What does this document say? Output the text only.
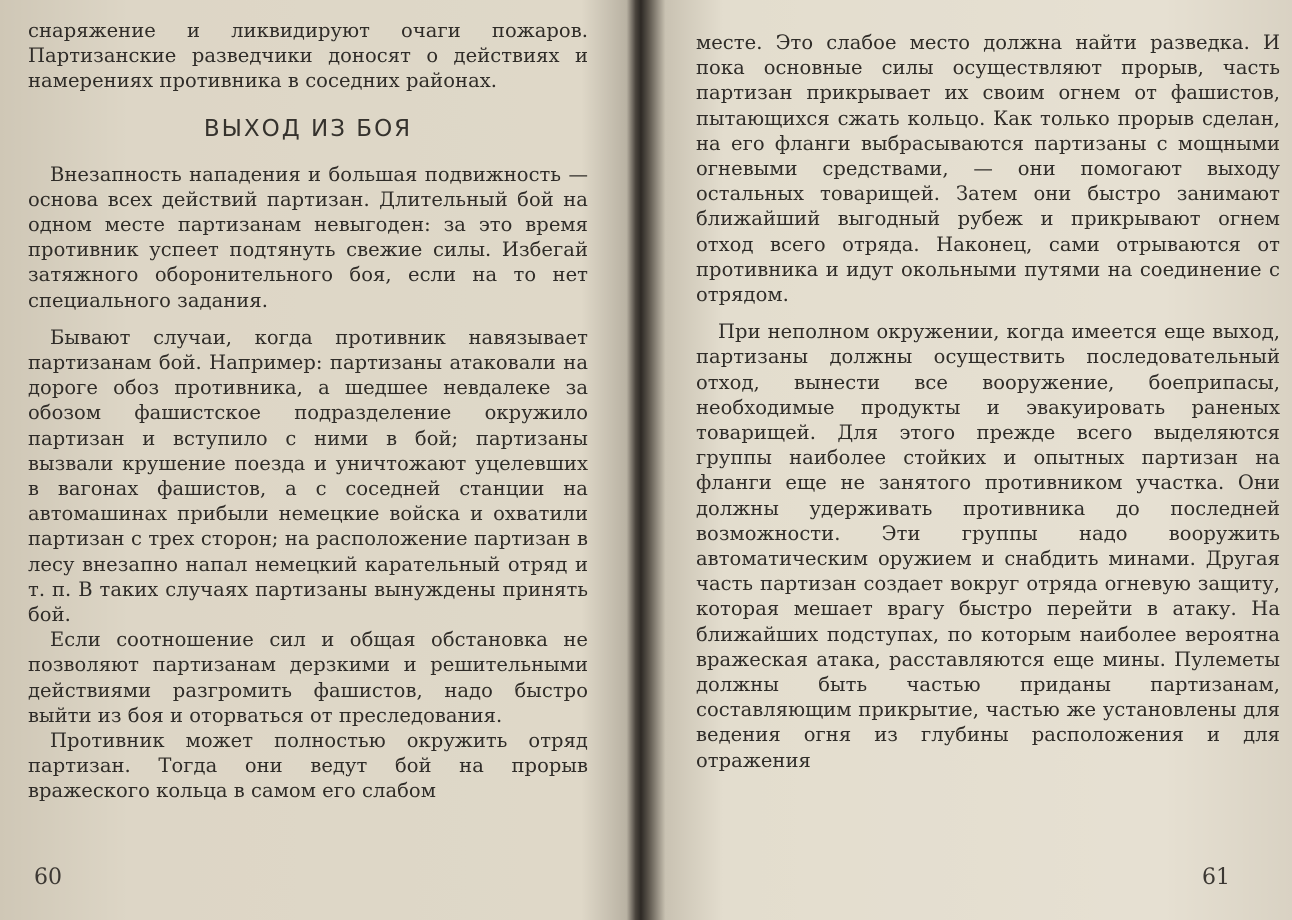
снаряжение и ликвидируют очаги пожаров. Партизанские разведчики доносят о действиях и намерениях противника в соседних районах.

ВЫХОД ИЗ БОЯ

Внезапность нападения и большая подвижность — основа всех действий партизан. Длительный бой на одном месте партизанам невыгоден: за это время противник успеет подтянуть свежие силы. Избегай затяжного оборонительного боя, если на то нет специального задания.

Бывают случаи, когда противник навязывает партизанам бой. Например: партизаны атаковали на дороге обоз противника, а шедшее невдалеке за обозом фашистское подразделение окружило партизан и вступило с ними в бой; партизаны вызвали крушение поезда и уничтожают уцелевших в вагонах фашистов, а с соседней станции на автомашинах прибыли немецкие войска и охватили партизан с трех сторон; на расположение партизан в лесу внезапно напал немецкий карательный отряд и т. п. В таких случаях партизаны вынуждены принять бой.

Если соотношение сил и общая обстановка не позволяют партизанам дерзкими и решительными действиями разгромить фашистов, надо быстро выйти из боя и оторваться от преследования.

Противник может полностью окружить отряд партизан. Тогда они ведут бой на прорыв вражеского кольца в самом его слабом

60

месте. Это слабое место должна найти разведка. И пока основные силы осуществляют прорыв, часть партизан прикрывает их своим огнем от фашистов, пытающихся сжать кольцо. Как только прорыв сделан, на его фланги выбрасываются партизаны с мощными огневыми средствами, — они помогают выходу остальных товарищей. Затем они быстро занимают ближайший выгодный рубеж и прикрывают огнем отход всего отряда. Наконец, сами отрываются от противника и идут окольными путями на соединение с отрядом.

При неполном окружении, когда имеется еще выход, партизаны должны осуществить последовательный отход, вынести все вооружение, боеприпасы, необходимые продукты и эвакуировать раненых товарищей. Для этого прежде всего выделяются группы наиболее стойких и опытных партизан на фланги еще не занятого противником участка. Они должны удерживать противника до последней возможности. Эти группы надо вооружить автоматическим оружием и снабдить минами. Другая часть партизан создает вокруг отряда огневую защиту, которая мешает врагу быстро перейти в атаку. На ближайших подступах, по которым наиболее вероятна вражеская атака, расставляются еще мины. Пулеметы должны быть частью приданы партизанам, составляющим прикрытие, частью же установлены для ведения огня из глубины расположения и для отражения

61
